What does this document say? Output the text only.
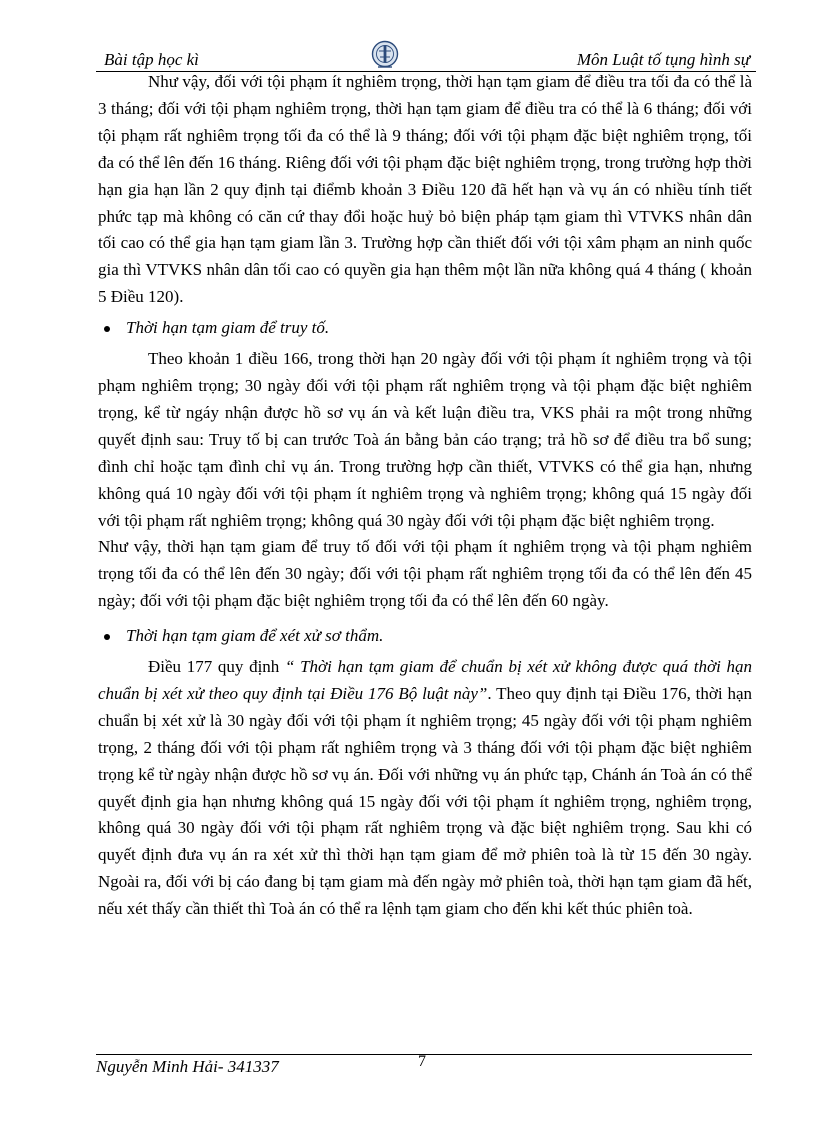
Bài tập học kì	Môn Luật tố tụng hình sự

Như vậy, đối với tội phạm ít nghiêm trọng, thời hạn tạm giam để điều tra tối đa có thể là 3 tháng; đối với tội phạm nghiêm trọng, thời hạn tạm giam để điều tra có thể là 6 tháng; đối với tội phạm rất nghiêm trọng tối đa có thể là 9 tháng; đối với tội phạm đặc biệt nghiêm trọng, tối đa có thể lên đến 16 tháng. Riêng đối với tội phạm đặc biệt nghiêm trọng, trong trường hợp thời hạn gia hạn lần 2 quy định tại điểmb khoản 3 Điều 120 đã hết hạn và vụ án có nhiều tính tiết phức tạp mà không có căn cứ thay đổi hoặc huỷ bỏ biện pháp tạm giam thì VTVKS nhân dân tối cao có thể gia hạn tạm giam lần 3. Trường hợp cần thiết đối với tội xâm phạm an ninh quốc gia thì VTVKS nhân dân tối cao có quyền gia hạn thêm một lần nữa không quá 4 tháng ( khoản 5 Điều 120).

Thời hạn tạm giam để truy tố.

Theo khoản 1 điều 166, trong thời hạn 20 ngày đối với tội phạm ít nghiêm trọng và tội phạm nghiêm trọng; 30 ngày đối với tội phạm rất nghiêm trọng và tội phạm đặc biệt nghiêm trọng, kể từ ngáy nhận được hồ sơ vụ án và kết luận điều tra, VKS phải ra một trong những quyết định sau: Truy tố bị can trước Toà án bằng bản cáo trạng; trả hồ sơ để điều tra bổ sung; đình chỉ hoặc tạm đình chỉ vụ án. Trong trường hợp cần thiết, VTVKS có thể gia hạn, nhưng không quá 10 ngày đối với tội phạm ít nghiêm trọng và nghiêm trọng; không quá 15 ngày đối với tội phạm rất nghiêm trọng; không quá 30 ngày đối với tội phạm đặc biệt nghiêm trọng.

Như vậy, thời hạn tạm giam để truy tố đối với tội phạm ít nghiêm trọng và tội phạm nghiêm trọng tối đa có thể lên đến 30 ngày; đối với tội phạm rất nghiêm trọng tối đa có thể lên đến 45 ngày; đối với tội phạm đặc biệt nghiêm trọng tối đa có thể lên đến 60 ngày.

Thời hạn tạm giam để xét xử sơ thẩm.

Điều 177 quy định “ Thời hạn tạm giam để chuẩn bị xét xử không được quá thời hạn chuẩn bị xét xử theo quy định tại Điều 176 Bộ luật này”. Theo quy định tại Điều 176, thời hạn chuẩn bị xét xử là 30 ngày đối với tội phạm ít nghiêm trọng; 45 ngày đối với tội phạm nghiêm trọng, 2 tháng đối với tội phạm rất nghiêm trọng và 3 tháng đối với tội phạm đặc biệt nghiêm trọng kể từ ngày nhận được hồ sơ vụ án. Đối với những vụ án phức tạp, Chánh án Toà án có thể quyết định gia hạn nhưng không quá 15 ngày đối với tội phạm ít nghiêm trọng, nghiêm trọng, không quá 30 ngày đối với tội phạm rất nghiêm trọng và đặc biệt nghiêm trọng. Sau khi có quyết định đưa vụ án ra xét xử thì thời hạn tạm giam để mở phiên toà là từ 15 đến 30 ngày. Ngoài ra, đối với bị cáo đang bị tạm giam mà đến ngày mở phiên toà, thời hạn tạm giam đã hết, nếu xét thấy cần thiết thì Toà án có thể ra lệnh tạm giam cho đến khi kết thúc phiên toà.

Nguyễn Minh Hải- 341337	7
